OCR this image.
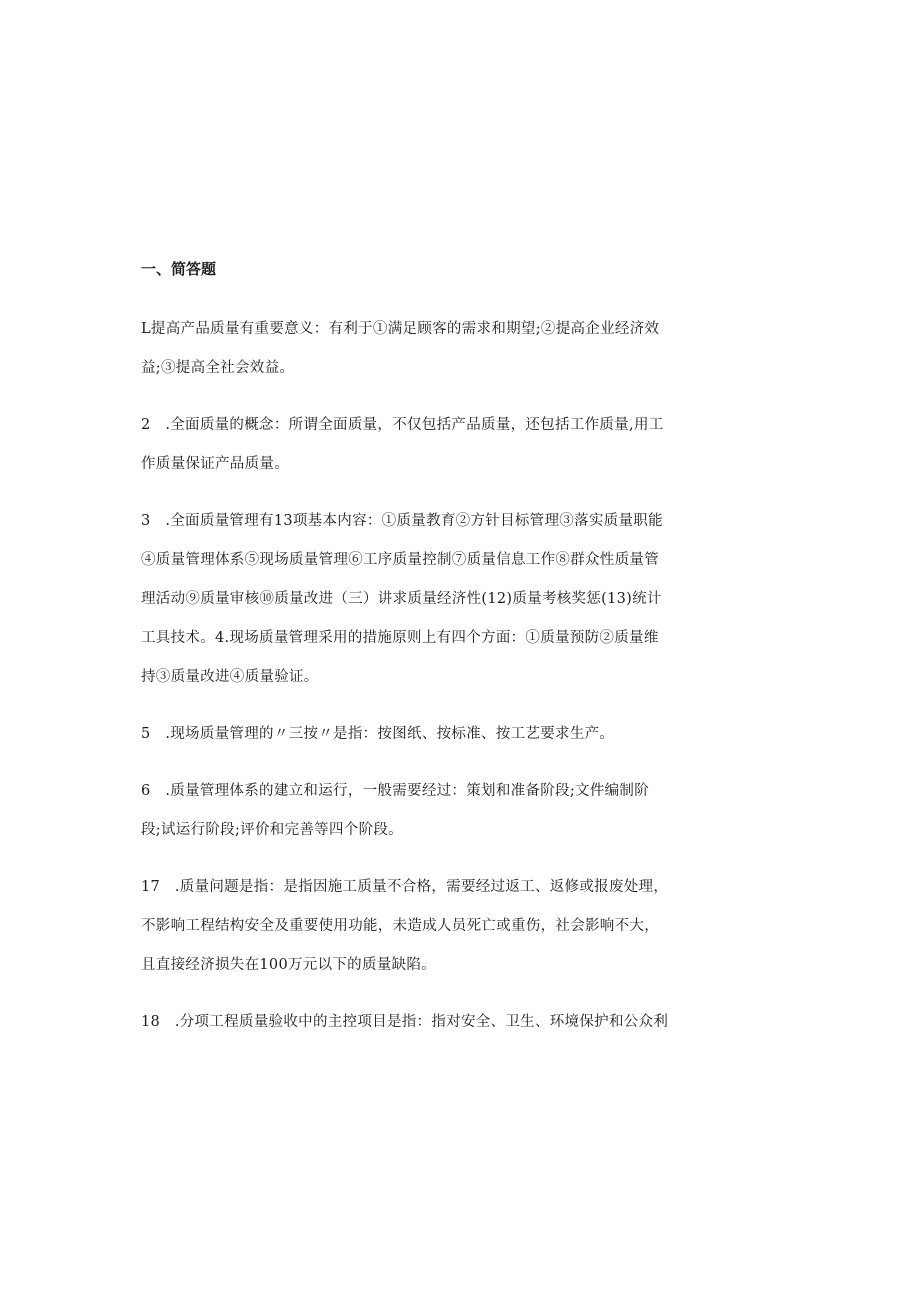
一、简答题
L提高产品质量有重要意义：有利于①满足顾客的需求和期望;②提高企业经济效
益;③提高全社会效益。
2　.全面质量的概念：所谓全面质量，不仅包括产品质量，还包括工作质量,用工
作质量保证产品质量。
3　.全面质量管理有13项基本内容：①质量教育②方针目标管理③落实质量职能
④质量管理体系⑤现场质量管理⑥工序质量控制⑦质量信息工作⑧群众性质量管
理活动⑨质量审核⑩质量改进（三）讲求质量经济性(12)质量考核奖惩(13)统计
工具技术。4.现场质量管理采用的措施原则上有四个方面：①质量预防②质量维
持③质量改进④质量验证。
5　.现场质量管理的〃三按〃是指：按图纸、按标准、按工艺要求生产。
6　.质量管理体系的建立和运行，一般需要经过：策划和准备阶段;文件编制阶
段;试运行阶段;评价和完善等四个阶段。
17　.质量问题是指：是指因施工质量不合格，需要经过返工、返修或报废处理，
不影响工程结构安全及重要使用功能，未造成人员死亡或重伤，社会影响不大，
且直接经济损失在100万元以下的质量缺陷。
18　.分项工程质量验收中的主控项目是指：指对安全、卫生、环境保护和公众利
